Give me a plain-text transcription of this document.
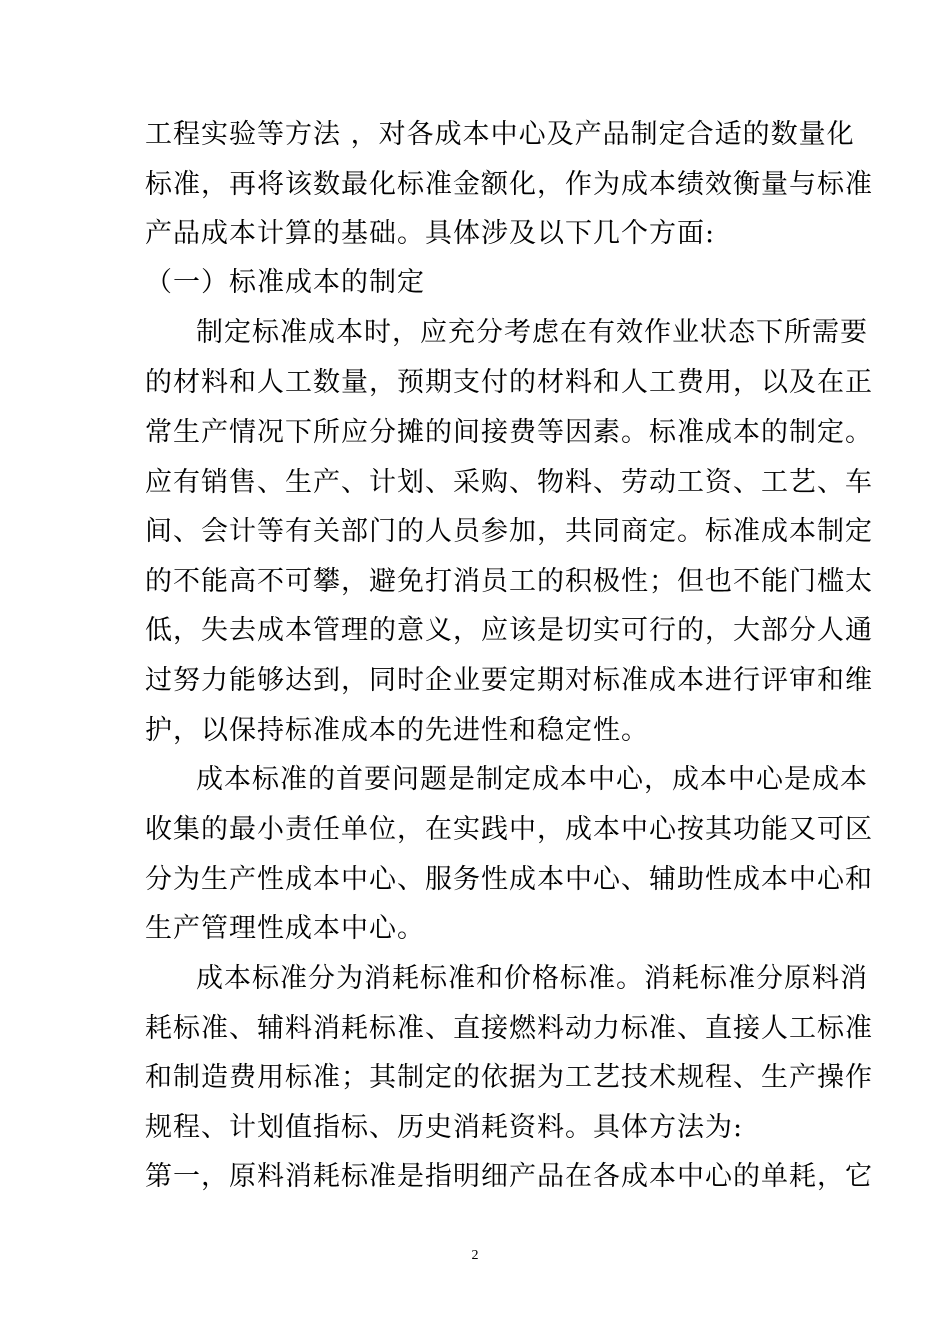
工程实验等方法 ，对各成本中心及产品制定合适的数量化
标准，再将该数最化标准金额化，作为成本绩效衡量与标准
产品成本计算的基础。具体涉及以下几个方面:
（一）标准成本的制定
制定标准成本时，应充分考虑在有效作业状态下所需要
的材料和人工数量，预期支付的材料和人工费用，以及在正
常生产情况下所应分摊的间接费等因素。标准成本的制定。
应有销售、生产、计划、采购、物料、劳动工资、工艺、车
间、会计等有关部门的人员参加，共同商定。标准成本制定
的不能高不可攀，避免打消员工的积极性；但也不能门槛太
低，失去成本管理的意义，应该是切实可行的，大部分人通
过努力能够达到，同时企业要定期对标准成本进行评审和维
护，以保持标准成本的先进性和稳定性。
成本标准的首要问题是制定成本中心，成本中心是成本
收集的最小责任单位，在实践中，成本中心按其功能又可区
分为生产性成本中心、服务性成本中心、辅助性成本中心和
生产管理性成本中心。
成本标准分为消耗标准和价格标准。消耗标准分原料消
耗标准、辅料消耗标准、直接燃料动力标准、直接人工标准
和制造费用标准；其制定的依据为工艺技术规程、生产操作
规程、计划值指标、历史消耗资料。具体方法为:
第一，原料消耗标准是指明细产品在各成本中心的单耗，它
2
